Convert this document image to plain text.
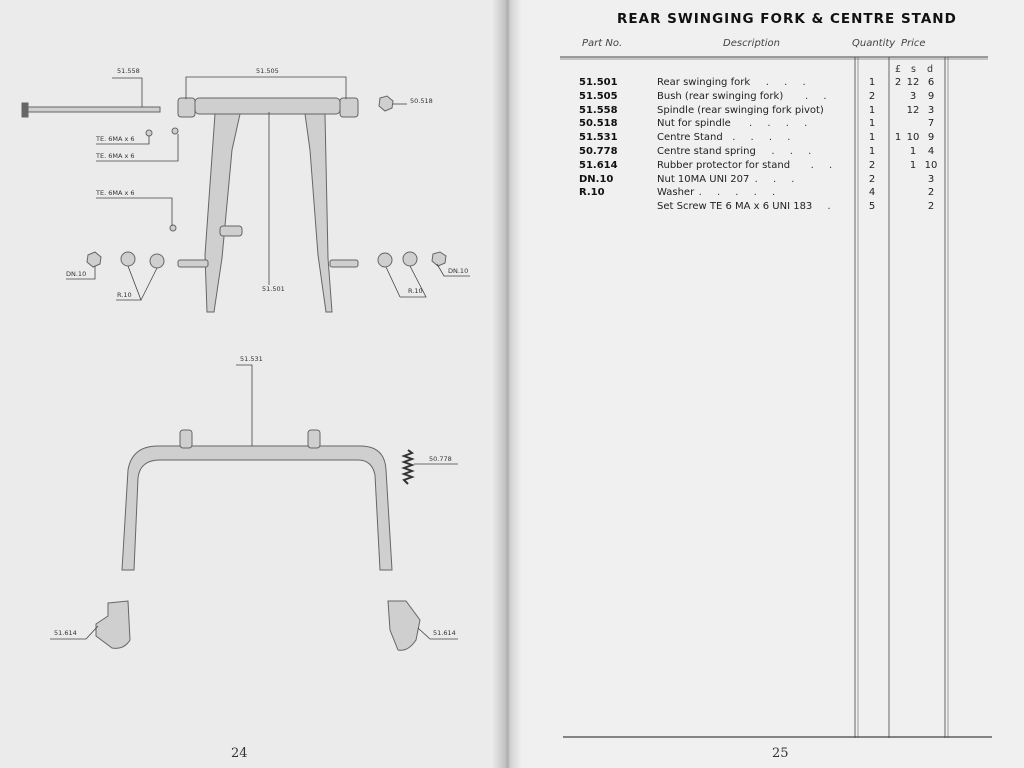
51.558	51.505
50.518
TE. 6MA x 6
TE. 6MA x 6
TE. 6MA x 6
DN.10
R.10
51.501	R.10
DN.10
51.531
50.778
51.614	51.614
24
REAR SWINGING FORK & CENTRE STAND
Part No.	Description	Quantity Price
£ s d
51.501	Rear swinging fork . . .	1	2 12 6
51.505	Bush (rear swinging fork) . .	2	3	9
51.558	Spindle (rear swinging fork pivot)	1	12 3
50.518	Nut for spindle . . . .	1	7
51.531	Centre Stand . . . .	1	1 10 9
50.778	Centre stand spring . . .	1	1	4
51.614	Rubber protector for stand . .	2	1 10
DN.10	Nut 10MA UNI 207 . . .	2	3
R.10	Washer . . . . .	4	2
Set Screw TE 6 MA x 6 UNI 183 .	5	2
25
